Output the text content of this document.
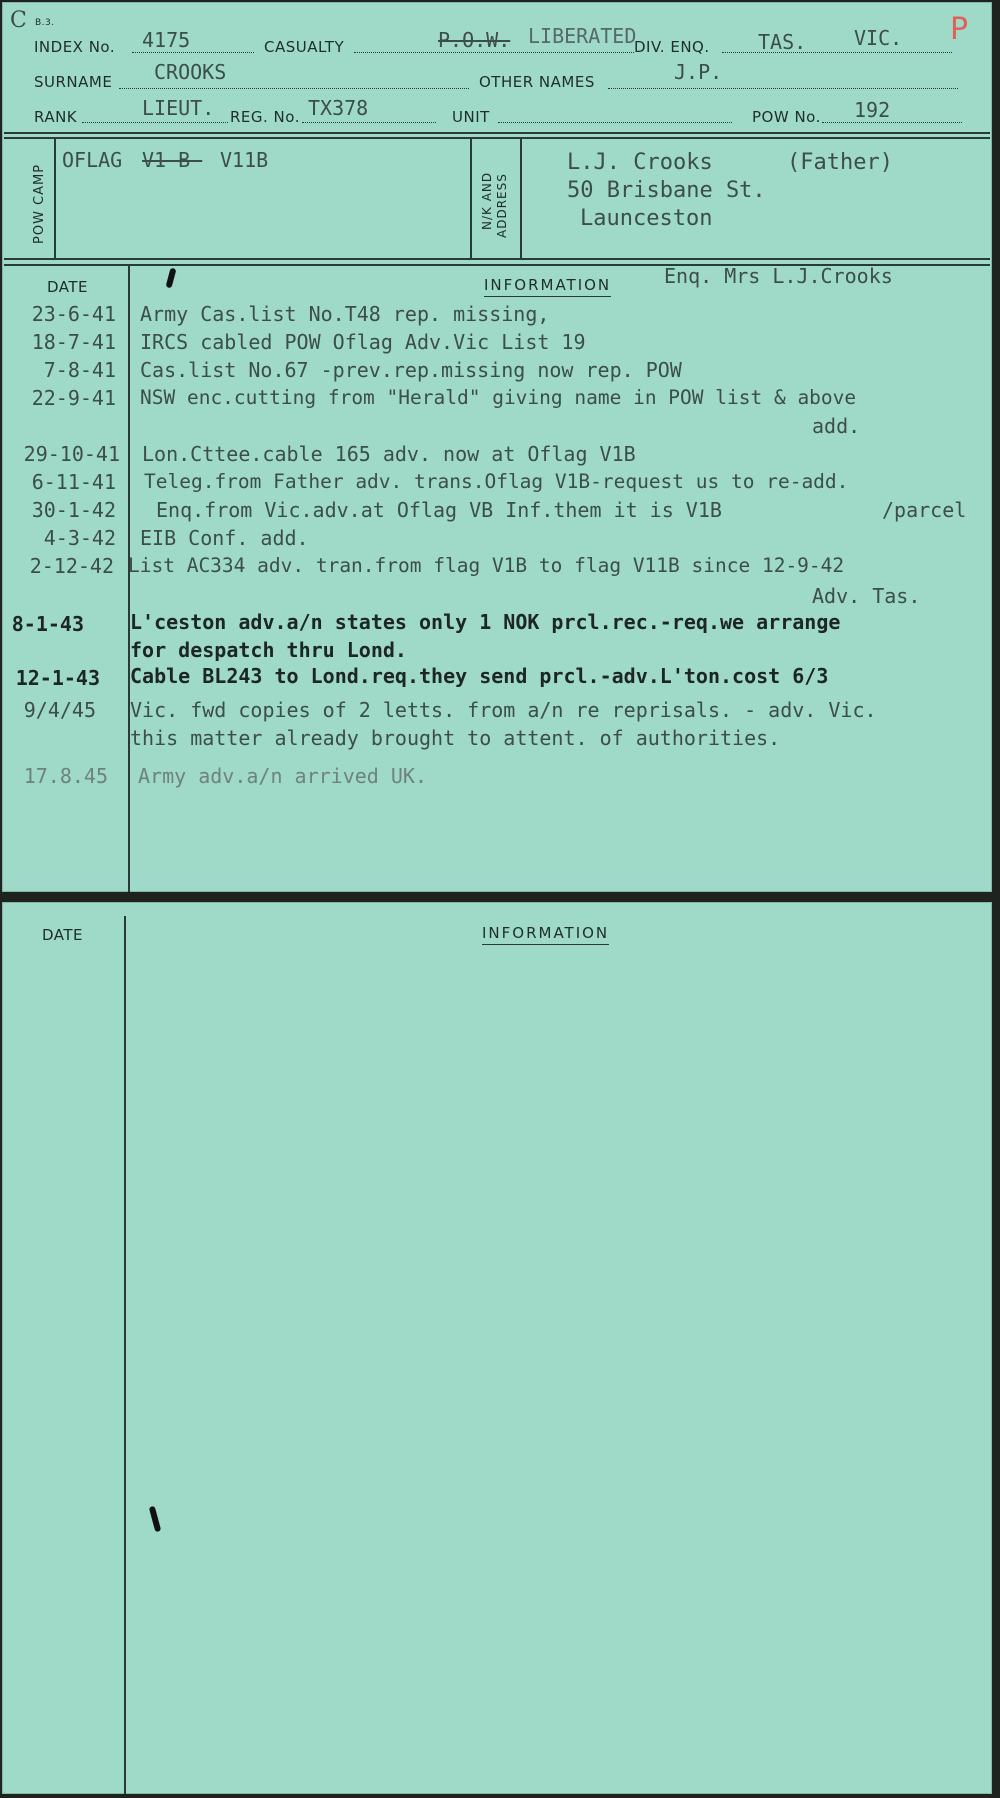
C B.3.	P
INDEX No. 4175	CASUALTY	P.O.W. LIBERATED
DIV. ENQ. TAS. VIC.
SURNAME CROOKS	OTHER NAMES	J.P.
RANK	LIEUT. REG. No. TX378	UNIT	POW No. 192
POW CAMP
OFLAG V1-B- V11B
N/K AND ADDRESS
L.J. Crooks	(Father)
50 Brisbane St.
Launceston
DATE	INFORMATION	Enq. Mrs L.J.Crooks
23-6-41 Army Cas.list No.T48 rep. missing,
18-7-41 IRCS cabled POW Oflag Adv.Vic List 19
7-8-41 Cas.list No.67 -prev.rep.missing now rep. POW
22-9-41 NSW enc.cutting from "Herald" giving name in POW list & above
add.
29-10-41 Lon.Cttee.cable 165 adv. now at Oflag V1B
6-11-41 Teleg.from Father adv. trans.Oflag V1B-request us to re-add.
30-1-42 Enq.from Vic.adv.at Oflag VB Inf.them it is V1B	/parcel
4-3-42 EIB Conf. add.
2-12-42 List AC334 adv. tran.from flag V1B to flag V11B since 12-9-42
Adv. Tas.
8-1-43 L'ceston adv.a/n states only 1 NOK prcl.rec.-req.we arrange
for despatch thru Lond.
12-1-43 Cable BL243 to Lond.req.they send prcl.-adv.L'ton.cost 6/3
9/4/45 Vic. fwd copies of 2 letts. from a/n re reprisals. - adv. Vic.
this matter already brought to attent. of authorities.
17.8.45 Army adv.a/n arrived UK.
DATE	INFORMATION
